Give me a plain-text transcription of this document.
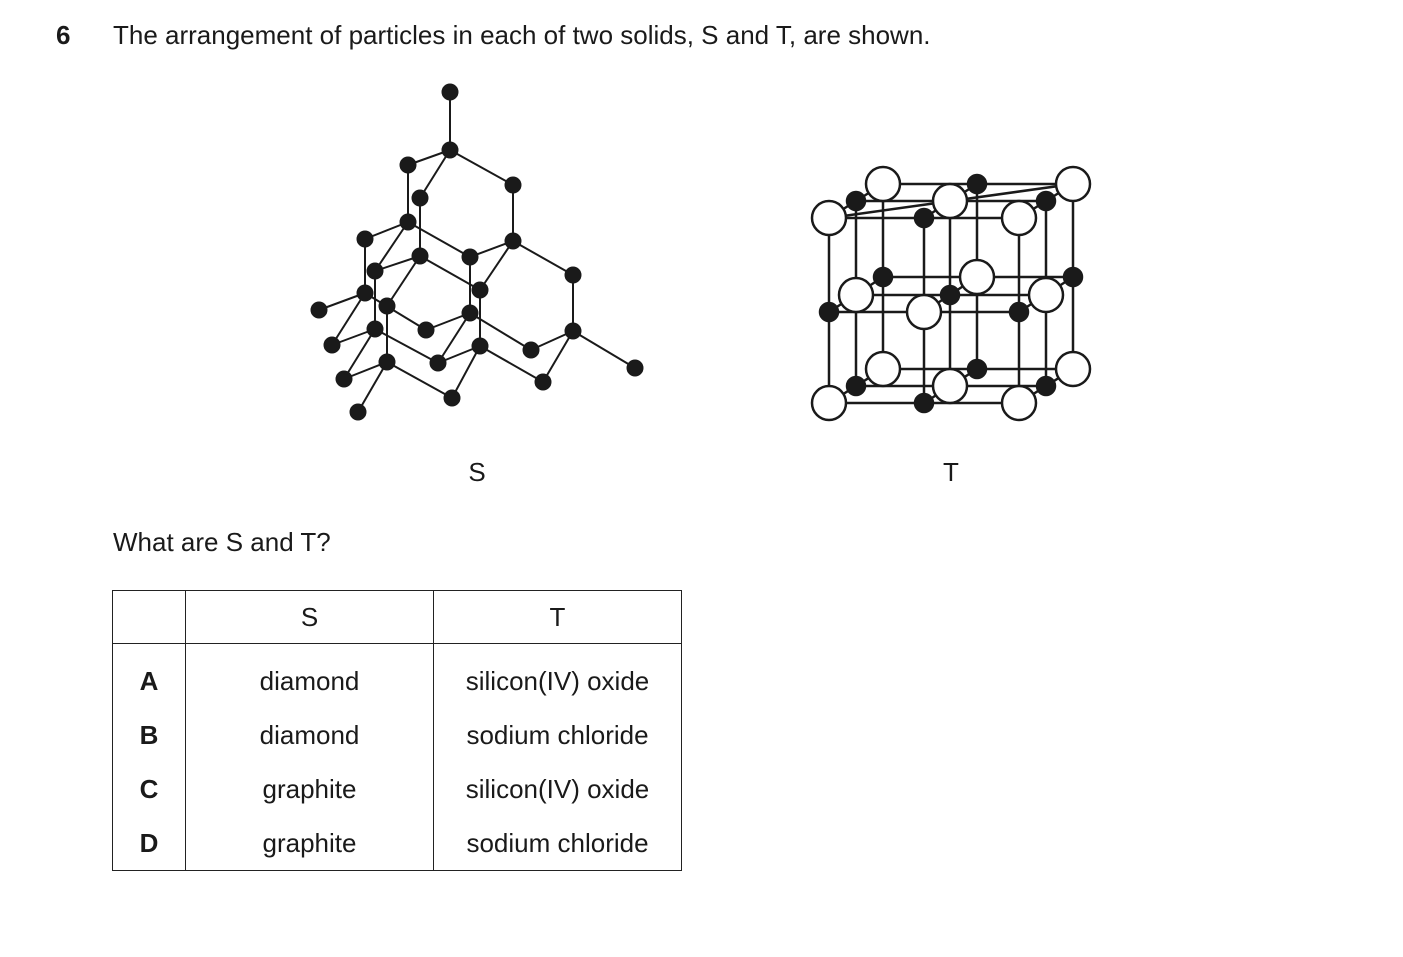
6 The arrangement of particles in each of two solids, S and T, are shown.
S	T
What are S and T?
	S	T
A	diamond	silicon(IV) oxide
B	diamond	sodium chloride
C	graphite	silicon(IV) oxide
D	graphite	sodium chloride
